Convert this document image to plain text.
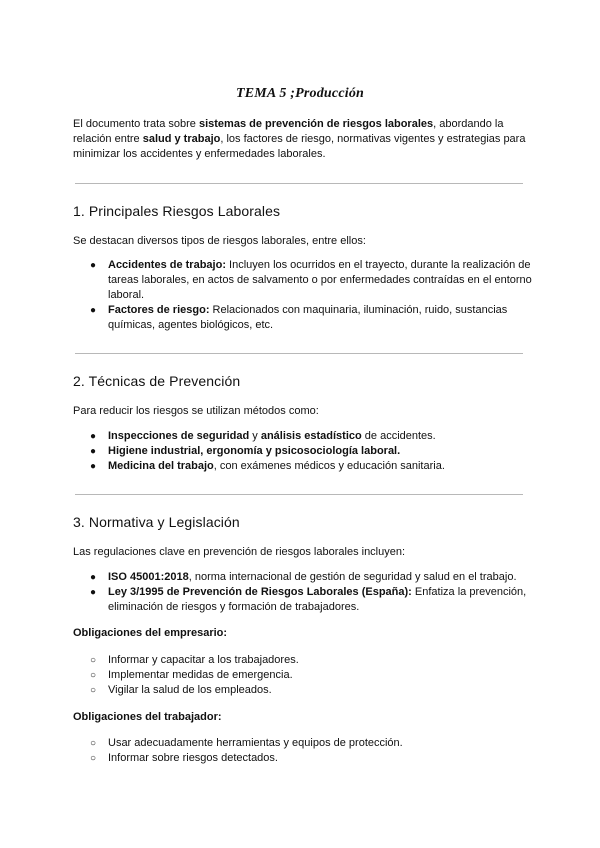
TEMA 5 ;Producción
El documento trata sobre sistemas de prevención de riesgos laborales, abordando la relación entre salud y trabajo, los factores de riesgo, normativas vigentes y estrategias para minimizar los accidentes y enfermedades laborales.
1. Principales Riesgos Laborales
Se destacan diversos tipos de riesgos laborales, entre ellos:
● Accidentes de trabajo: Incluyen los ocurridos en el trayecto, durante la realización de tareas laborales, en actos de salvamento o por enfermedades contraídas en el entorno laboral.
● Factores de riesgo: Relacionados con maquinaria, iluminación, ruido, sustancias químicas, agentes biológicos, etc.
2. Técnicas de Prevención
Para reducir los riesgos se utilizan métodos como:
● Inspecciones de seguridad y análisis estadístico de accidentes.
● Higiene industrial, ergonomía y psicosociología laboral.
● Medicina del trabajo, con exámenes médicos y educación sanitaria.
3. Normativa y Legislación
Las regulaciones clave en prevención de riesgos laborales incluyen:
● ISO 45001:2018, norma internacional de gestión de seguridad y salud en el trabajo.
● Ley 3/1995 de Prevención de Riesgos Laborales (España): Enfatiza la prevención, eliminación de riesgos y formación de trabajadores.
Obligaciones del empresario:
○ Informar y capacitar a los trabajadores.
○ Implementar medidas de emergencia.
○ Vigilar la salud de los empleados.
Obligaciones del trabajador:
○ Usar adecuadamente herramientas y equipos de protección.
○ Informar sobre riesgos detectados.
